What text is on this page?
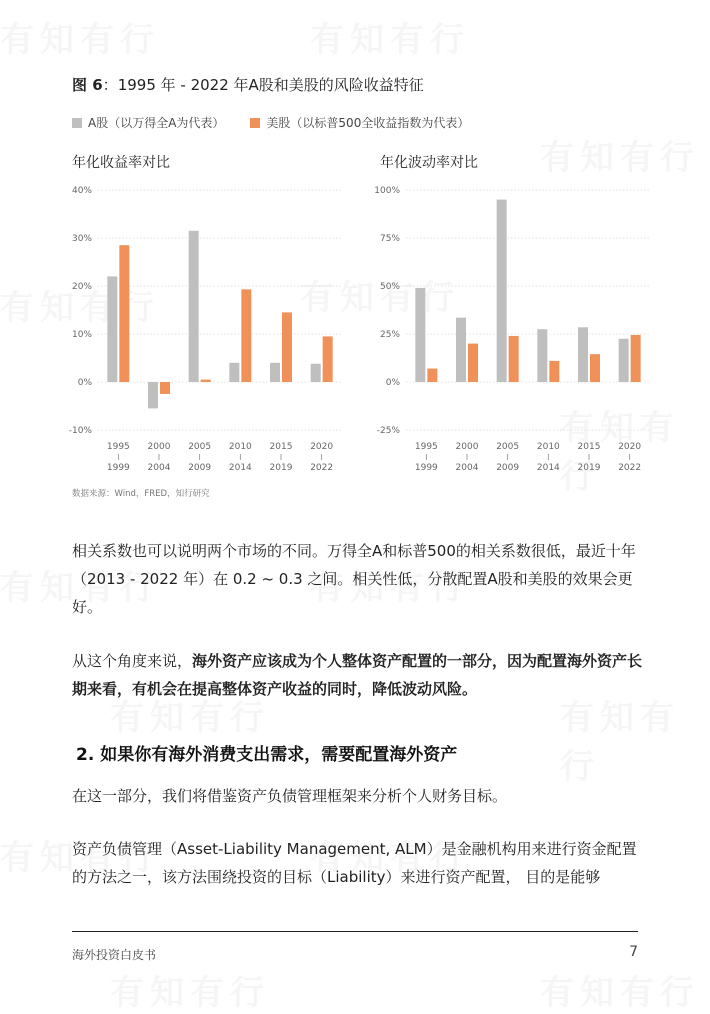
图 6：1995 年 - 2022 年A股和美股的风险收益特征
A股（以万得全A为代表）	美股（以标普500全收益指数为代表）
年化收益率对比	年化波动率对比
40%
30%
20%
10%
0%
-10%
1995
1999
2000
2004
2005
2009
2010
2014
2015
2019
2020
2022
100%
75%
50%
25%
0%
-25%
1995
1999
2000
2004
2005
2009
2010
2014
2015
2019
2020
2022
数据来源：Wind，FRED，知行研究
相关系数也可以说明两个市场的不同。万得全A和标普500的相关系数很低，最近十年（2013 - 2022 年）在 0.2 ~ 0.3 之间。相关性低，分散配置A股和美股的效果会更好。
从这个角度来说，海外资产应该成为个人整体资产配置的一部分，因为配置海外资产长期来看，有机会在提高整体资产收益的同时，降低波动风险。
2. 如果你有海外消费支出需求，需要配置海外资产
在这一部分，我们将借鉴资产负债管理框架来分析个人财务目标。
资产负债管理（Asset-Liability Management, ALM）是金融机构用来进行资金配置的方法之一，该方法围绕投资的目标（Liability）来进行资产配置， 目的是能够
海外投资白皮书	7
